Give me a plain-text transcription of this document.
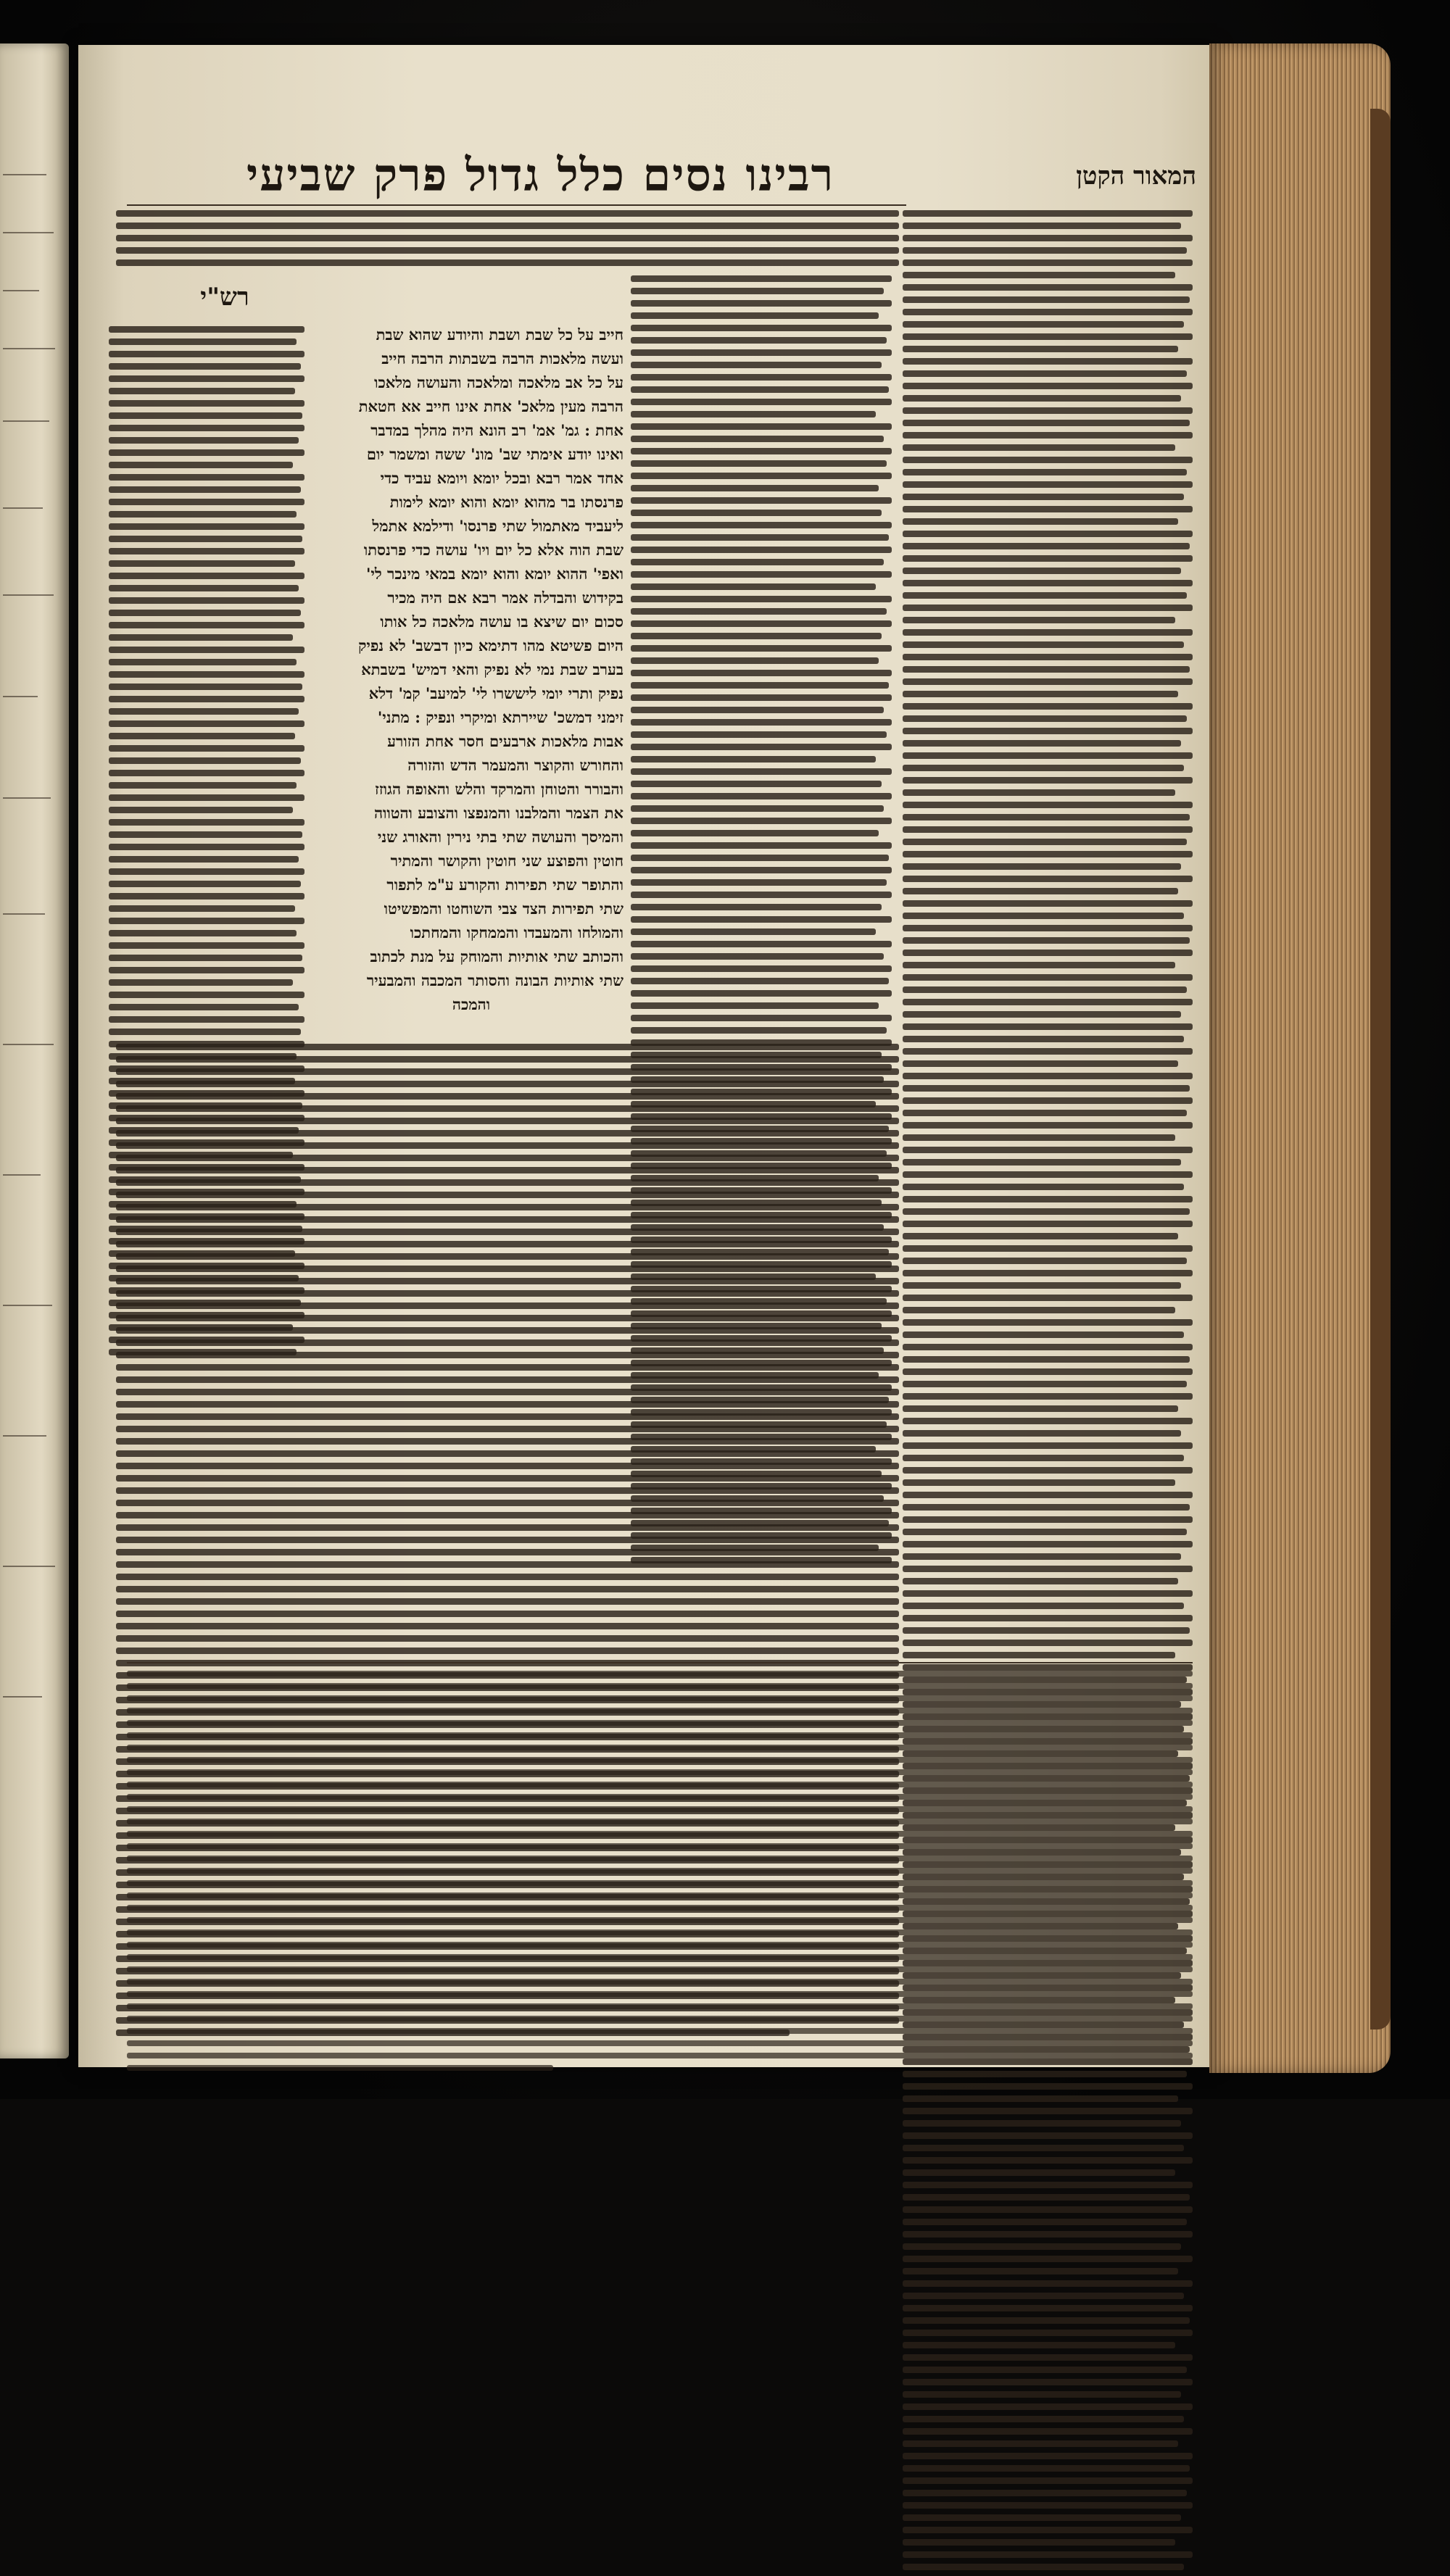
המאור הקטן
רבינו נסים כלל גדול פרק שביעי
רש"י
חייב על כל שבת ושבת והיודע שהוא שבת
ועשה מלאכות הרבה בשבתות הרבה חייב
על כל אב מלאכה ומלאכה והעושה מלאכו
הרבה מעין מלאכ' אחת אינו חייב אא חטאת
אחת : גמ' אמ' רב הונא היה מהלך במדבר
ואינו יודע אימתי שב' מונ' ששה ומשמר יום
אחד אמר רבא ובכל יומא ויומא עביד כדי
פרנסתו בר מהוא יומא והוא יומא לימות
ליעביד מאתמול שתי פרנסו' ודילמא אתמל
שבת הוה אלא כל יום ויו' עושה כדי פרנסתו
ואפי' ההוא יומא והוא יומא במאי מינכר לי'
בקידוש והבדלה אמר רבא אם היה מכיר
סכום יום שיצא בו עושה מלאכה כל אותו
היום פשיטא מהו דתימא כיון דבשב' לא נפיק
בערב שבת נמי לא נפיק והאי דמיש' בשבתא
נפיק ותרי יומי ליששרו לי' למיעב' קמ' דלא
זימני דמשכ' שיירתא ומיקרי ונפיק : מתני'
אבות מלאכות ארבעים חסר אחת הזורע
והחורש והקוצר והמעמר הדש והזורה
והבורר והטוחן והמרקד והלש והאופה הגוזז
את הצמר והמלבנו והמנפצו והצובע והטווה
והמיסך והעושה שתי בתי נירין והאורג שני
חוטין והפוצע שני חוטין והקושר והמתיר
והתופר שתי תפירות והקורע ע"מ לתפור
שתי תפירות הצד צבי השוחטו והמפשיטו
והמולחו והמעבדו והממחקו והמחתכו
והכותב שתי אותיות והמוחק על מנת לכתוב
שתי אותיות הבונה והסותר המכבה והמבעיר
והמכה
